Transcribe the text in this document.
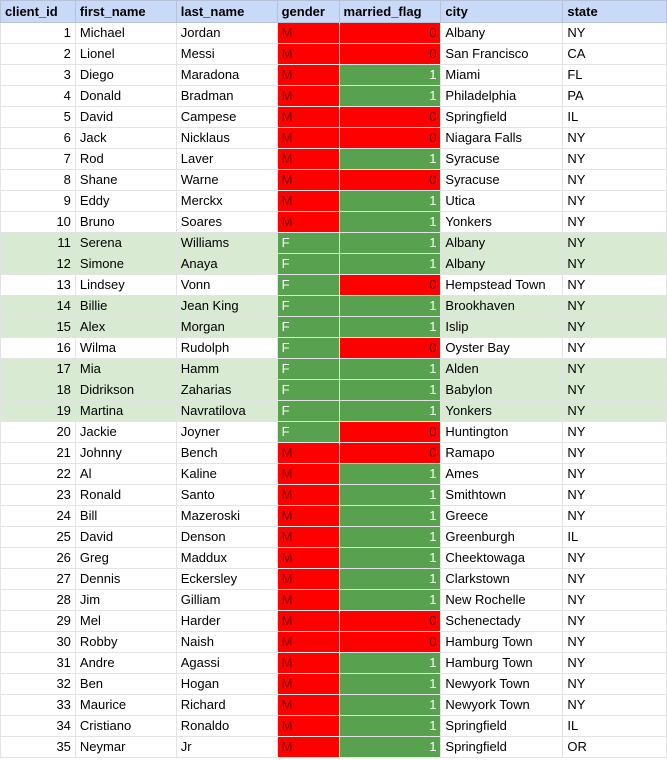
client_id	first_name	last_name	gender	married_flag	city	state
1	Michael	Jordan	M	0	Albany	NY
2	Lionel	Messi	M	0	San Francisco	CA
3	Diego	Maradona	M	1	Miami	FL
4	Donald	Bradman	M	1	Philadelphia	PA
5	David	Campese	M	0	Springfield	IL
6	Jack	Nicklaus	M	0	Niagara Falls	NY
7	Rod	Laver	M	1	Syracuse	NY
8	Shane	Warne	M	0	Syracuse	NY
9	Eddy	Merckx	M	1	Utica	NY
10	Bruno	Soares	M	1	Yonkers	NY
11	Serena	Williams	F	1	Albany	NY
12	Simone	Anaya	F	1	Albany	NY
13	Lindsey	Vonn	F	0	Hempstead Town	NY
14	Billie	Jean King	F	1	Brookhaven	NY
15	Alex	Morgan	F	1	Islip	NY
16	Wilma	Rudolph	F	0	Oyster Bay	NY
17	Mia	Hamm	F	1	Alden	NY
18	Didrikson	Zaharias	F	1	Babylon	NY
19	Martina	Navratilova	F	1	Yonkers	NY
20	Jackie	Joyner	F	0	Huntington	NY
21	Johnny	Bench	M	0	Ramapo	NY
22	Al	Kaline	M	1	Ames	NY
23	Ronald	Santo	M	1	Smithtown	NY
24	Bill	Mazeroski	M	1	Greece	NY
25	David	Denson	M	1	Greenburgh	IL
26	Greg	Maddux	M	1	Cheektowaga	NY
27	Dennis	Eckersley	M	1	Clarkstown	NY
28	Jim	Gilliam	M	1	New Rochelle	NY
29	Mel	Harder	M	0	Schenectady	NY
30	Robby	Naish	M	0	Hamburg Town	NY
31	Andre	Agassi	M	1	Hamburg Town	NY
32	Ben	Hogan	M	1	Newyork Town	NY
33	Maurice	Richard	M	1	Newyork Town	NY
34	Cristiano	Ronaldo	M	1	Springfield	IL
35	Neymar	Jr	M	1	Springfield	OR
